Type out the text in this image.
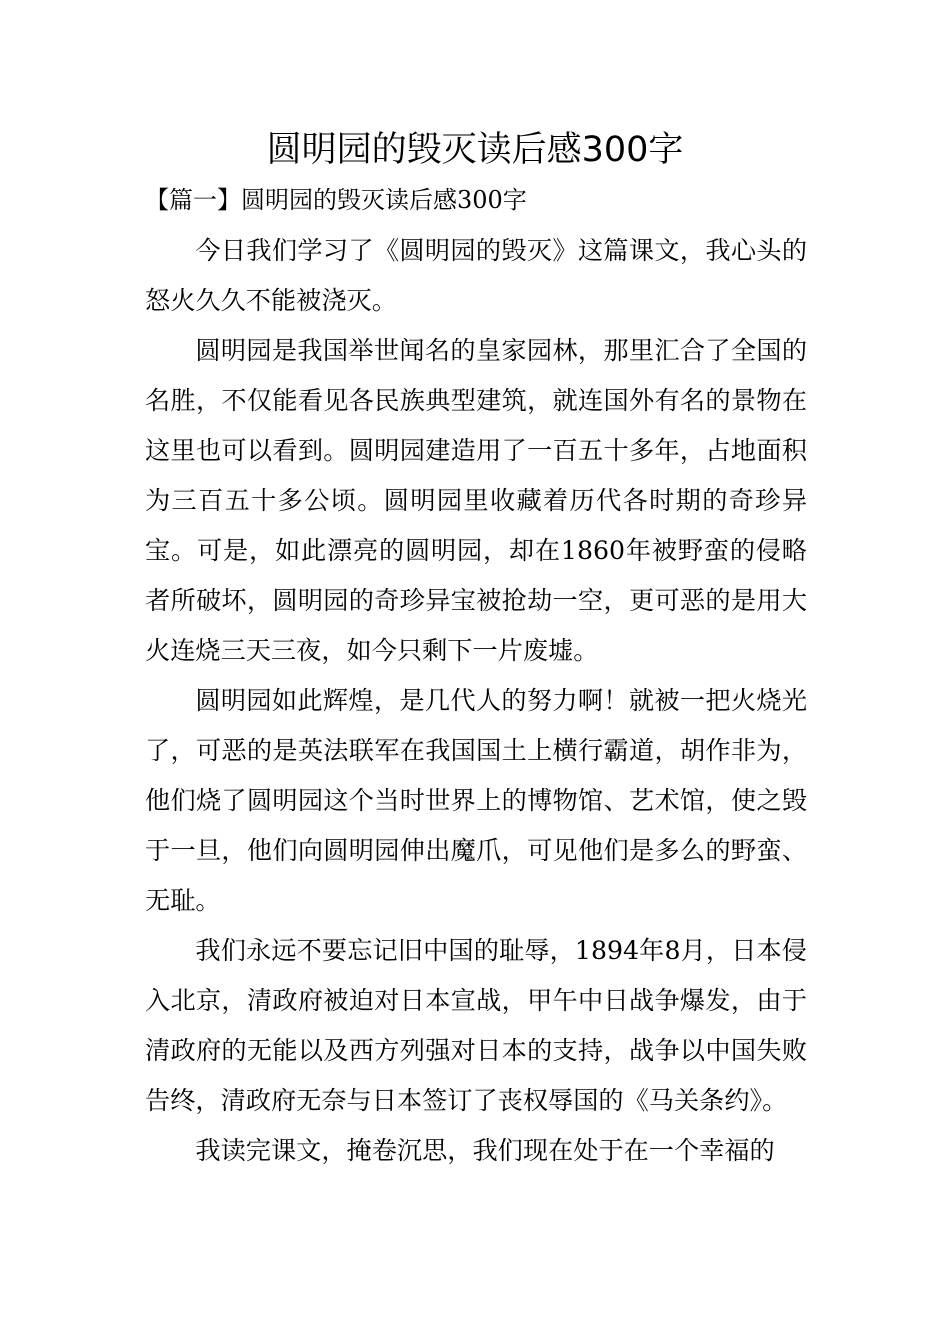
圆明园的毁灭读后感300字
【篇一】圆明园的毁灭读后感300字

今日我们学习了《圆明园的毁灭》这篇课文，我心头的怒火久久不能被浇灭。

圆明园是我国举世闻名的皇家园林，那里汇合了全国的名胜，不仅能看见各民族典型建筑，就连国外有名的景物在这里也可以看到。圆明园建造用了一百五十多年，占地面积为三百五十多公顷。圆明园里收藏着历代各时期的奇珍异宝。可是，如此漂亮的圆明园，却在1860年被野蛮的侵略者所破坏，圆明园的奇珍异宝被抢劫一空，更可恶的是用大火连烧三天三夜，如今只剩下一片废墟。

圆明园如此辉煌，是几代人的努力啊！就被一把火烧光了，可恶的是英法联军在我国国土上横行霸道，胡作非为，他们烧了圆明园这个当时世界上的博物馆、艺术馆，使之毁于一旦，他们向圆明园伸出魔爪，可见他们是多么的野蛮、无耻。

我们永远不要忘记旧中国的耻辱，1894年8月，日本侵入北京，清政府被迫对日本宣战，甲午中日战争爆发，由于清政府的无能以及西方列强对日本的支持，战争以中国失败告终，清政府无奈与日本签订了丧权辱国的《马关条约》。

我读完课文，掩卷沉思，我们现在处于在一个幸福的
